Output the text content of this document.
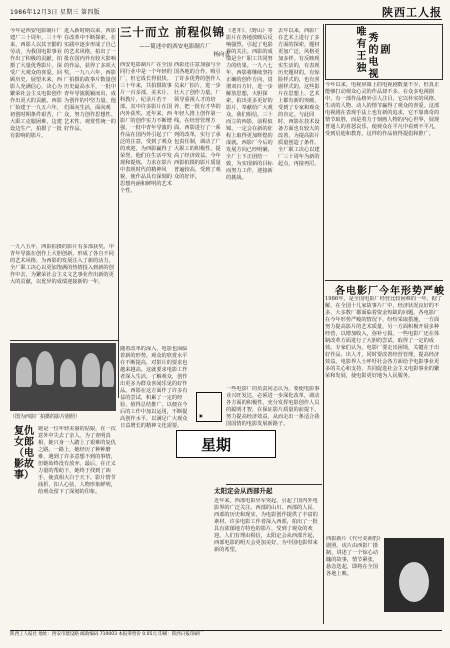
1986年12月3日 星期三 第四版	陕西工人报
今年是西安电影制片厂建厂三十周年。三十年来，西影人以其辛勤的劳动，为我国电影事业作出了积极的贡献，拍摄了大量优秀影片，深受广大观众的喜爱。回顾历史，展望未来，西影人充满信心，决心为繁荣社会主义电影创作作出更大的贡献。西影厂始建于一九五六年，初创时期条件艰苦，广大职工克服困难，边建设边生产，拍摄了一批有影响的影片。
进入新时期以来，西影在改革中不断探索，在实践中逐步形成了自己的艺术风格，拍出了一批在国内外有较大影响的作品，获得了多项大奖。一九八六年，西影厂拍摄的故事片数量创历史最高水平，一批中青年导演脱颖而出，成为创作的中坚力量。他们面向生活，面向观众，努力创作思想性、艺术性、观赏性统一的好作品。
三十而立 前程似锦
——简述中的西安电影制片厂
杨向青
西安电影制片厂在全国同行业中是一个年轻的厂，但它成长得很快。三十年来，共拍摄故事片一百多部，美术片、科教片、纪录片若干部。其中许多影片在国内外获奖。近年来，西影厂的创作实力不断增强，一批中青年导演的作品在国内外引起了广泛的注意，受到了观众的欢迎，为西影赢得了荣誉。他们在生活中发现和提炼，力求在影片中表现时代的精神风貌，使作品具有深刻的思想内涵和鲜明的艺术个性。
西影还注意加强与全国各地的合作，吸引了许多优秀的创作人员来厂拍片，进一步壮大了创作力量。厂领导重视人才的培养，把一批有才华的年轻人推上创作第一线。在经营管理方面，西影进行了一系列的改革，实行了承包责任制，调动了广大职工的积极性，提高了经济效益。今年西影拍摄的影片质量普遍较高，受到了观众的好评。
《老井》、《野山》等影片在各地放映后反响强烈，引起了电影界的关注。西影的成绩是全厂职工共同努力的结果。一九八七年，西影将继续坚持正确的创作方向，贯彻双百方针，进一步解放思想，大胆探索，拍出更多更好的影片，奉献给广大观众。我们相信，三十而立的西影，前程似锦，一定会在新的征程上取得更加辉煌的成就。西影厂今后的发展方向已经明确，全厂上下正团结一致，为实现新的目标而努力工作，迎接新的挑战。
去年以来，西影厂在艺术上进行了多方面的探索，题材更加广泛，风格更加多样。有反映现实生活的，有表现历史题材的，有惊险样式的，也有喜剧样式的。这些影片在思想上、艺术上都有新的突破，受到了专家和观众的肯定。与此同时，西影在技术设备方面也有较大的改善，为提高影片质量创造了条件。全厂职工决心以建厂三十周年为新的起点，再接再厉。
唯
有
王
独
秀
的
电
视
剧
今年以来，电视屏幕上的电视剧数量不少，但真正能够打动观众心灵的作品却不多。在众多电视剧中，有一部作品格外引人注目，它以朴实的风格、生动的人物、动人的情节赢得了观众的喜爱。这部电视剧在表现手法上也有新的追求，它不靠离奇的情节取胜，而是着力于刻画人物的内心世界，展现普通人的喜怒哀乐，使观众在平凡中看到不平凡，受到启迪和教育。这样的作品值得提倡和推广。
各电影厂今年形势严峻
1986年，是全国电影厂经营比较困难的一年。据了解，在全国十几家故事片厂中，经济状况良好的不多，大多数厂都面临着资金短缺的问题。各电影厂在今年形势严峻的情况下，纷纷采取措施，一方面努力提高影片的艺术质量，另一方面积极开展多种经营，以增加收入，弥补亏损。一些电影厂还在体制改革方面进行了大胆的尝试，取得了一定的成效。专家们认为，电影厂要走出困境，关键在于出好作品、出人才，同时要改善经营管理，提高经济效益。电影界人士呼吁社会各方面给予电影事业更多的关心和支持，共同促进社会主义电影事业的繁荣和发展，使电影更好地为人民服务。
一九八五年，西影拍摄的影片有多部获奖。中青年导演在创作上大胆创新，形成了各自不同的艺术风格，为西影的发展注入了新的活力。全厂职工决心以更加饱满的热情投入到新的创作中去，为繁荣社会主义文艺事业作出新的更大的贡献，以优异的成绩迎接新的一年。
（图为西影厂拍摄的影片剧照）
复仇女郎（电影故事）
她是一位年轻美丽的姑娘，在一次意外中失去了亲人。为了查明真相，她只身一人踏上了艰难的复仇之路。一路上，她经历了种种磨难，遇到了许多意想不到的事情，但她始终没有放弃。最后，在正义力量的帮助下，她终于找到了凶手，使真相大白于天下。影片情节曲折，扣人心弦，人物形象鲜明，给观众留下了深刻的印象。
随着改革的深入，电影也面临着新的形势。观众的欣赏水平在不断提高，对影片的要求也越来越高。这就要求电影工作者深入生活，了解观众，创作出更多为群众喜闻乐见的好作品。西影在这方面作了许多有益的尝试，积累了一定的经验，值得总结推广，以便在今后的工作中加以运用，不断提高创作水平，以满足广大观众日益增长的精神文化需要。
▣
星期
一些电影厂的负责同志认为，要使电影事业兴旺发达，必须进一步深化改革，调动各方面的积极性，充分发挥电影创作人员的聪明才智，在保证影片质量的前提下，努力提高经济效益，从而走出一条适合我国国情的电影发展新路子。
太阳定会从西部升起
近年来，西部电影异军突起，引起了国内外电影界的广泛关注。西部的山川、西部的人民、西部的历史和现实，为电影创作提供了丰富的素材。许多电影工作者深入西部，拍出了一批具有浓郁地方特色的影片，受到了观众的欢迎。人们有理由相信，太阳定会从西部升起，西部电影的明天会更加美好，为中国电影带来新的希望。
西影新片《代号美洲豹》剧照。该片由西影厂摄制，讲述了一个惊心动魄的故事，情节紧张，悬念迭起，即将在全国各地上映。
陕西工人报社 地址：西安市建设路 邮政编码 710003 本报零售价 0.05元 印刷：陕西日报印刷厂
